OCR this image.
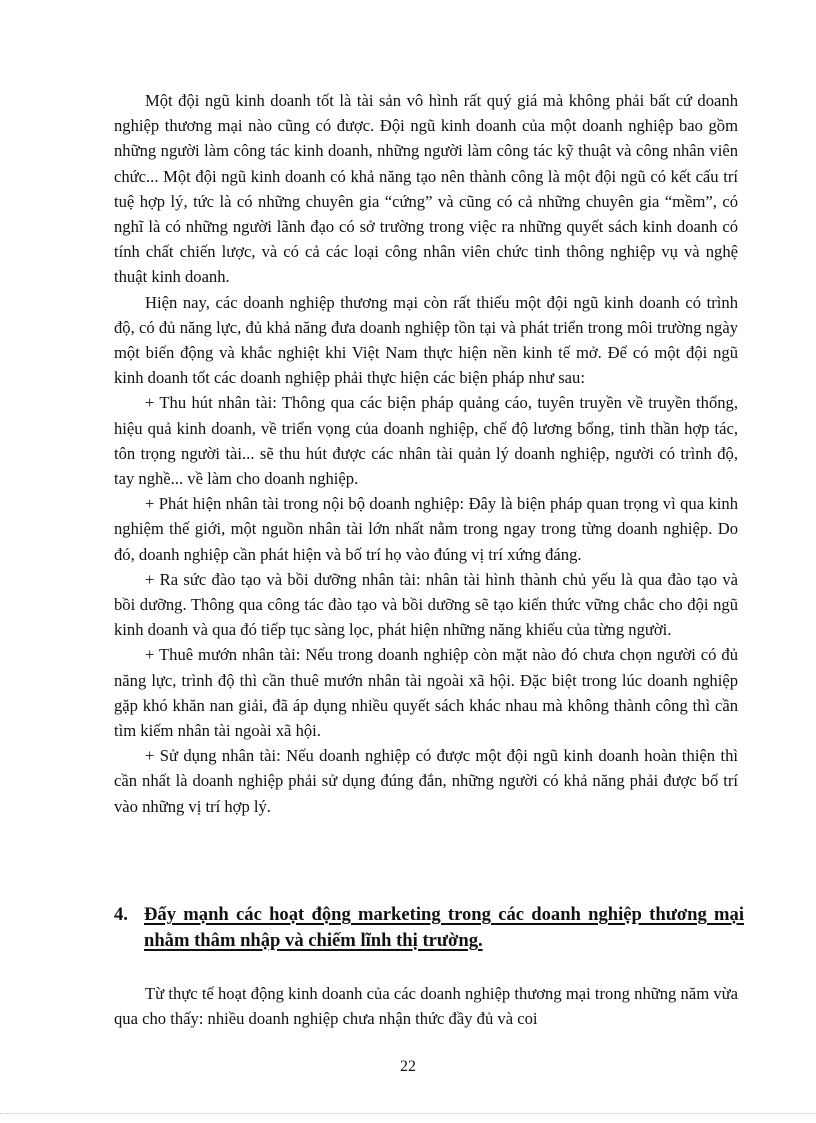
Một đội ngũ kinh doanh tốt là tài sản vô hình rất quý giá mà không phải bất cứ doanh nghiệp thương mại nào cũng có được. Đội ngũ kinh doanh của một doanh nghiệp bao gồm những người làm công tác kinh doanh, những người làm công tác kỹ thuật và công nhân viên chức... Một đội ngũ kinh doanh có khả năng tạo nên thành công là một đội ngũ có kết cấu trí tuệ hợp lý, tức là có những chuyên gia “cứng” và cũng có cả những chuyên gia “mềm”, có nghĩ là có những người lãnh đạo có sở trường trong việc ra những quyết sách kinh doanh có tính chất chiến lược, và có cả các loại công nhân viên chức tinh thông nghiệp vụ và nghệ thuật kinh doanh.

Hiện nay, các doanh nghiệp thương mại còn rất thiếu một đội ngũ kinh doanh có trình độ, có đủ năng lực, đủ khả năng đưa doanh nghiệp tồn tại và phát triển trong môi trường ngày một biến động và khắc nghiệt khi Việt Nam thực hiện nền kinh tế mở. Để có một đội ngũ kinh doanh tốt các doanh nghiệp phải thực hiện các biện pháp như sau:

+ Thu hút nhân tài: Thông qua các biện pháp quảng cáo, tuyên truyền về truyền thống, hiệu quả kinh doanh, về triển vọng của doanh nghiệp, chế độ lương bổng, tinh thần hợp tác, tôn trọng người tài... sẽ thu hút được các nhân tài quản lý doanh nghiệp, người có trình độ, tay nghề... về làm cho doanh nghiệp.

+ Phát hiện nhân tài trong nội bộ doanh nghiệp: Đây là biện pháp quan trọng vì qua kinh nghiệm thế giới, một nguồn nhân tài lớn nhất nằm trong ngay trong từng doanh nghiệp. Do đó, doanh nghiệp cần phát hiện và bố trí họ vào đúng vị trí xứng đáng.

+ Ra sức đào tạo và bồi dưỡng nhân tài: nhân tài hình thành chủ yếu là qua đào tạo và bồi dưỡng. Thông qua công tác đào tạo và bồi dưỡng sẽ tạo kiến thức vững chắc cho đội ngũ kinh doanh và qua đó tiếp tục sàng lọc, phát hiện những năng khiếu của từng người.

+ Thuê mướn nhân tài: Nếu trong doanh nghiệp còn mặt nào đó chưa chọn người có đủ năng lực, trình độ thì cần thuê mướn nhân tài ngoài xã hội. Đặc biệt trong lúc doanh nghiệp gặp khó khăn nan giải, đã áp dụng nhiều quyết sách khác nhau mà không thành công thì cần tìm kiếm nhân tài ngoài xã hội.

+ Sử dụng nhân tài: Nếu doanh nghiệp có được một đội ngũ kinh doanh hoàn thiện thì cần nhất là doanh nghiệp phải sử dụng đúng đắn, những người có khả năng phải được bố trí vào những vị trí hợp lý.

4. Đẩy mạnh các hoạt động marketing trong các doanh nghiệp thương mại nhằm thâm nhập và chiếm lĩnh thị trường.

Từ thực tế hoạt động kinh doanh của các doanh nghiệp thương mại trong những năm vừa qua cho thấy: nhiều doanh nghiệp chưa nhận thức đầy đủ và coi

22
